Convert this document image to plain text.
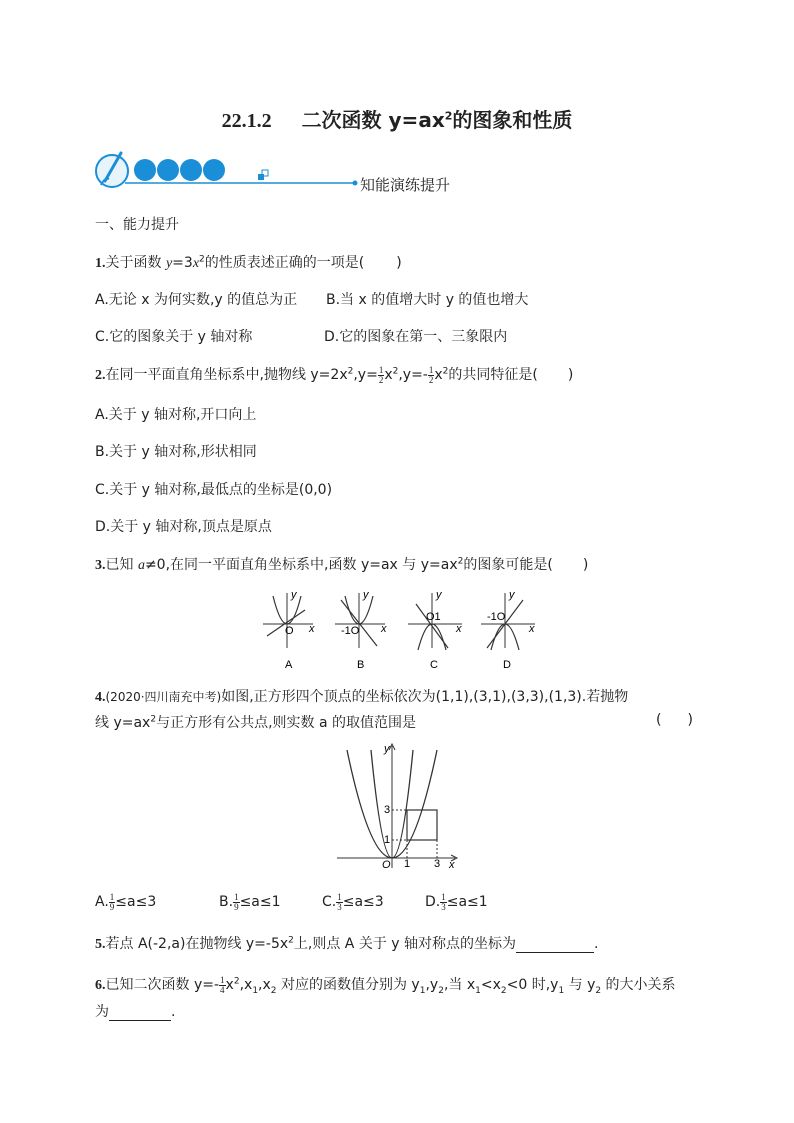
22.1.2 二次函数 $y=ax^2$的图象和性质
知能演练提升
一、能力提升
1.关于函数 $y=3x^2$的性质表述正确的一项是( )
A.无论 x 为何实数,y 的值总为正 B.当 x 的值增大时 y 的值也增大
C.它的图象关于 y 轴对称	D.它的图象在第一、三象限内
2.在同一平面直角坐标系中,抛物线 $y=2x^2,y= \frac{1}{2} x^2,y=- \frac{1}{2} x^2$的共同特征是( )
A.关于 y 轴对称,开口向上
B.关于 y 轴对称,形状相同
C.关于 y 轴对称,最低点的坐标是(0,0)
D.关于 y 轴对称,顶点是原点
3.已知 a≠0,在同一平面直角坐标系中,函数 y=ax 与 $y=ax^2$的图象可能是( )
y
x
O
A
y
x
-1O
B
y
x
O1
C
y
x
-1O
D
4.(2020·四川南充中考)如图,正方形四个顶点的坐标依次为(1,1),(3,1),(3,3),(1,3).若抛物
线 $y=ax^2$与正方形有公共点,则实数 a 的取值范围是	( )
y
x
O 1 3
1
3
A. $\frac{1}{9} \le a\le 3$	B. $\frac{1}{9} \le a\le 1$	C. $\frac{1}{3} \le a\le 3$	D. $\frac{1}{3} \le a\le 1$
5.若点 A(-2,a)在抛物线 $y=-5x^2$上,则点 A 关于 y 轴对称点的坐标为	.
6.已知二次函数 $y=- \frac{1}{4} x^2,x_1,x_2$ 对应的函数值分别为 $y_1,y_2$,当 $x_1<x_2<0$ 时$,y_1$ 与 $y_2$ 的大小关系
为	.
